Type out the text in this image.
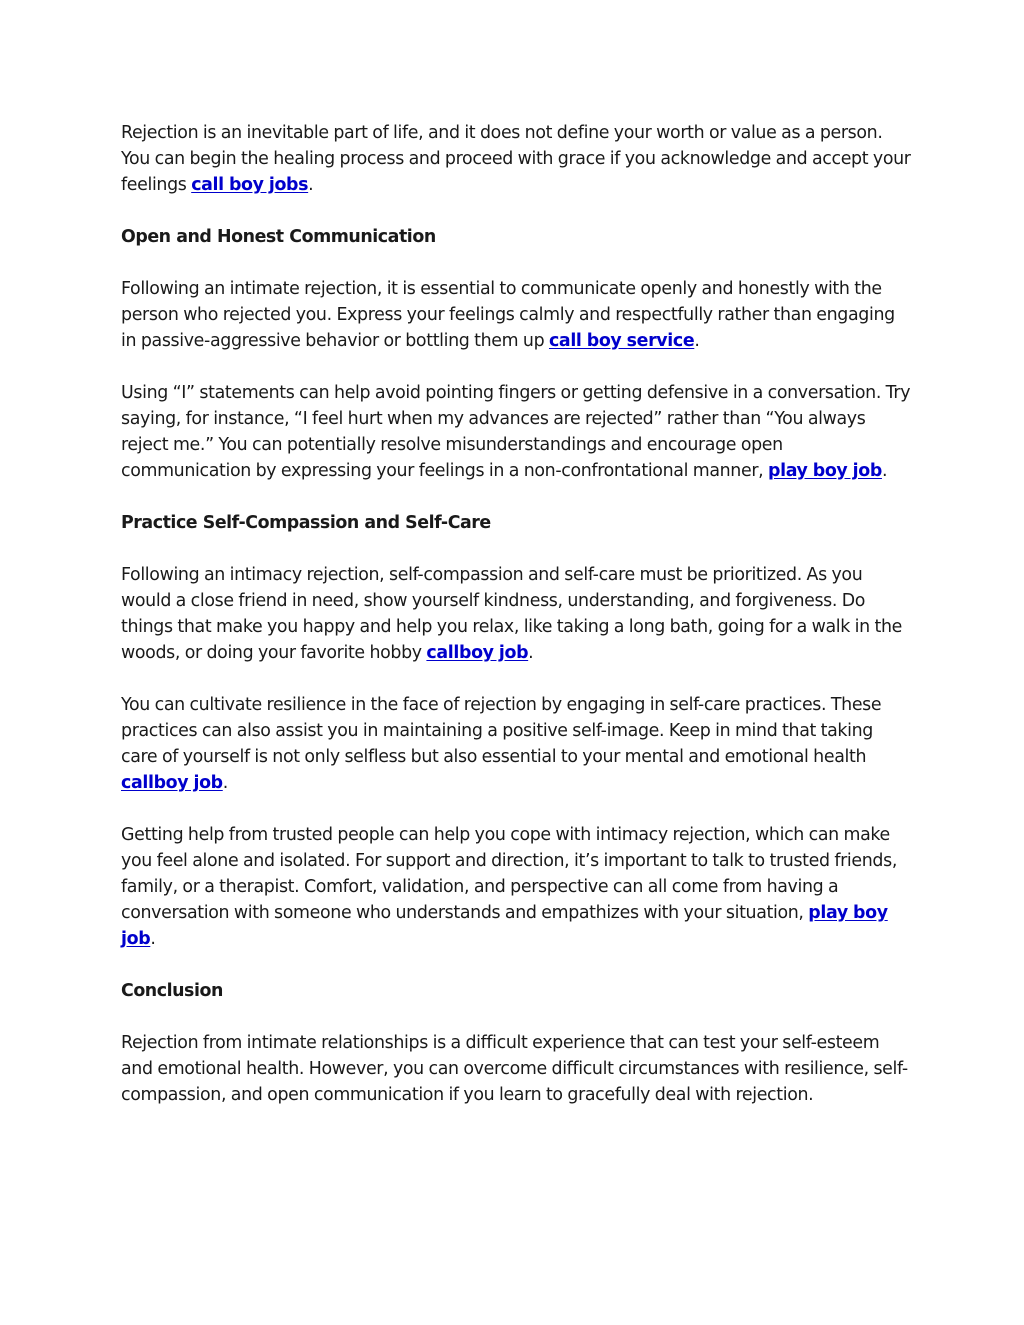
Rejection is an inevitable part of life, and it does not define your worth or value as a person. You can begin the healing process and proceed with grace if you acknowledge and accept your feelings call boy jobs.

Open and Honest Communication

Following an intimate rejection, it is essential to communicate openly and honestly with the person who rejected you. Express your feelings calmly and respectfully rather than engaging in passive-aggressive behavior or bottling them up call boy service.

Using “I” statements can help avoid pointing fingers or getting defensive in a conversation. Try saying, for instance, “I feel hurt when my advances are rejected” rather than “You always reject me.” You can potentially resolve misunderstandings and encourage open communication by expressing your feelings in a non-confrontational manner, play boy job.

Practice Self-Compassion and Self-Care

Following an intimacy rejection, self-compassion and self-care must be prioritized. As you would a close friend in need, show yourself kindness, understanding, and forgiveness. Do things that make you happy and help you relax, like taking a long bath, going for a walk in the woods, or doing your favorite hobby callboy job.

You can cultivate resilience in the face of rejection by engaging in self-care practices. These practices can also assist you in maintaining a positive self-image. Keep in mind that taking care of yourself is not only selfless but also essential to your mental and emotional health callboy job.

Getting help from trusted people can help you cope with intimacy rejection, which can make you feel alone and isolated. For support and direction, it’s important to talk to trusted friends, family, or a therapist. Comfort, validation, and perspective can all come from having a conversation with someone who understands and empathizes with your situation, play boy job.

Conclusion

Rejection from intimate relationships is a difficult experience that can test your self-esteem and emotional health. However, you can overcome difficult circumstances with resilience, self-compassion, and open communication if you learn to gracefully deal with rejection.
